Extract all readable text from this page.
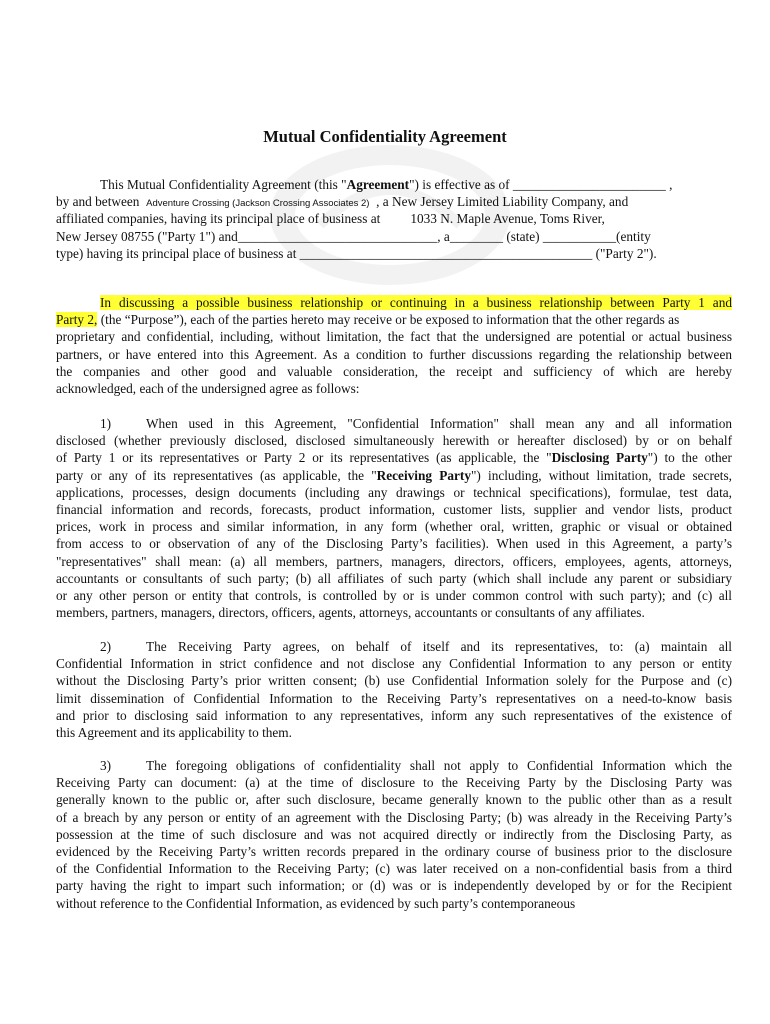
Mutual Confidentiality Agreement
This Mutual Confidentiality Agreement (this "Agreement") is effective as of _______________________ ,
by and between Adventure Crossing (Jackson Crossing Associates 2) , a New Jersey Limited Liability Company, and
affiliated companies, having its principal place of business at 1033 N. Maple Avenue, Toms River,
New Jersey 08755 ("Party 1") and______________________________, a________ (state) ___________(entity
type) having its principal place of business at ____________________________________________ ("Party 2").
In discussing a possible business relationship or continuing in a business relationship between Party 1 and
Party 2, (the “Purpose”), each of the parties hereto may receive or be exposed to information that the other regards as
proprietary and confidential, including, without limitation, the fact that the undersigned are potential or actual business
partners, or have entered into this Agreement. As a condition to further discussions regarding the relationship between
the companies and other good and valuable consideration, the receipt and sufficiency of which are hereby
acknowledged, each of the undersigned agree as follows:
1)	When used in this Agreement, "Confidential Information" shall mean any and all information
disclosed (whether previously disclosed, disclosed simultaneously herewith or hereafter disclosed) by or on behalf
of Party 1 or its representatives or Party 2 or its representatives (as applicable, the "Disclosing Party") to the other
party or any of its representatives (as applicable, the "Receiving Party") including, without limitation, trade secrets,
applications, processes, design documents (including any drawings or technical specifications), formulae, test data,
financial information and records, forecasts, product information, customer lists, supplier and vendor lists, product
prices, work in process and similar information, in any form (whether oral, written, graphic or visual or obtained
from access to or observation of any of the Disclosing Party’s facilities). When used in this Agreement, a party’s
"representatives" shall mean: (a) all members, partners, managers, directors, officers, employees, agents, attorneys,
accountants or consultants of such party; (b) all affiliates of such party (which shall include any parent or subsidiary
or any other person or entity that controls, is controlled by or is under common control with such party); and (c) all
members, partners, managers, directors, officers, agents, attorneys, accountants or consultants of any affiliates.
2)	The Receiving Party agrees, on behalf of itself and its representatives, to: (a) maintain all
Confidential Information in strict confidence and not disclose any Confidential Information to any person or entity
without the Disclosing Party’s prior written consent; (b) use Confidential Information solely for the Purpose and (c)
limit dissemination of Confidential Information to the Receiving Party’s representatives on a need-to-know basis
and prior to disclosing said information to any representatives, inform any such representatives of the existence of
this Agreement and its applicability to them.
3)	The foregoing obligations of confidentiality shall not apply to Confidential Information which the
Receiving Party can document: (a) at the time of disclosure to the Receiving Party by the Disclosing Party was
generally known to the public or, after such disclosure, became generally known to the public other than as a result
of a breach by any person or entity of an agreement with the Disclosing Party; (b) was already in the Receiving Party’s
possession at the time of such disclosure and was not acquired directly or indirectly from the Disclosing Party, as
evidenced by the Receiving Party’s written records prepared in the ordinary course of business prior to the disclosure
of the Confidential Information to the Receiving Party; (c) was later received on a non-confidential basis from a third
party having the right to impart such information; or (d) was or is independently developed by or for the Recipient
without reference to the Confidential Information, as evidenced by such party’s contemporaneous
